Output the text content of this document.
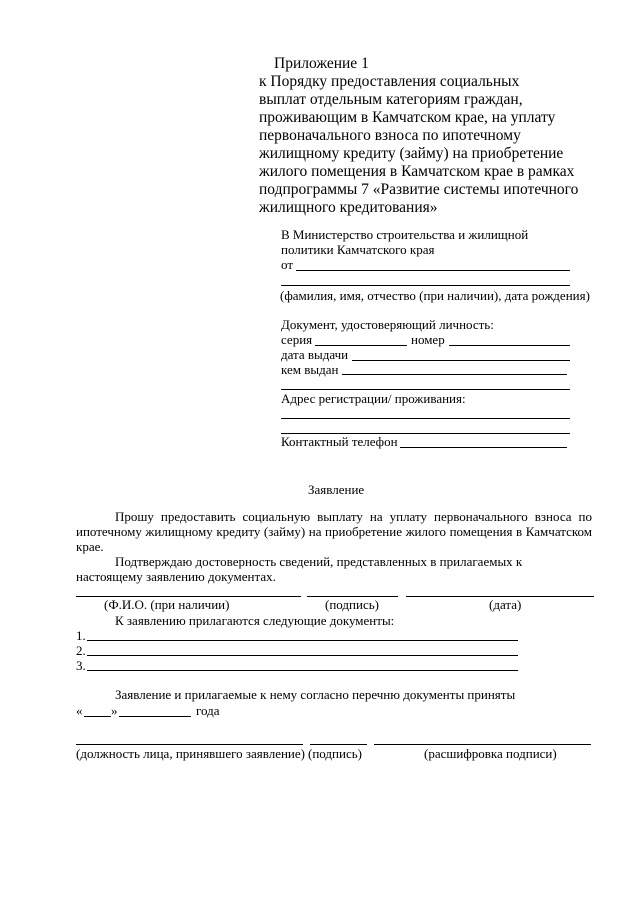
Приложение 1
к Порядку предоставления социальных
выплат отдельным категориям граждан,
проживающим в Камчатском крае, на уплату
первоначального взноса по ипотечному
жилищному кредиту (займу) на приобретение
жилого помещения в Камчатском крае в рамках
подпрограммы 7 «Развитие системы ипотечного
жилищного кредитования»
В Министерство строительства и жилищной
политики Камчатского края
от
(фамилия, имя, отчество (при наличии), дата рождения)
Документ, удостоверяющий личность:
серия	номер
дата выдачи
кем выдан
Адрес регистрации/ проживания:
Контактный телефон
Заявление
Прошу предоставить социальную выплату на уплату первоначального взноса по
ипотечному жилищному кредиту (займу) на приобретение жилого помещения в Камчатском
крае.
Подтверждаю достоверность сведений, представленных в прилагаемых к
настоящему заявлению документах.
(Ф.И.О. (при наличии)	(подпись)	(дата)
К заявлению прилагаются следующие документы:
1.
2.
3.
Заявление и прилагаемые к нему согласно перечню документы приняты
« »	года
(должность лица, принявшего заявление) (подпись)	(расшифровка подписи)
